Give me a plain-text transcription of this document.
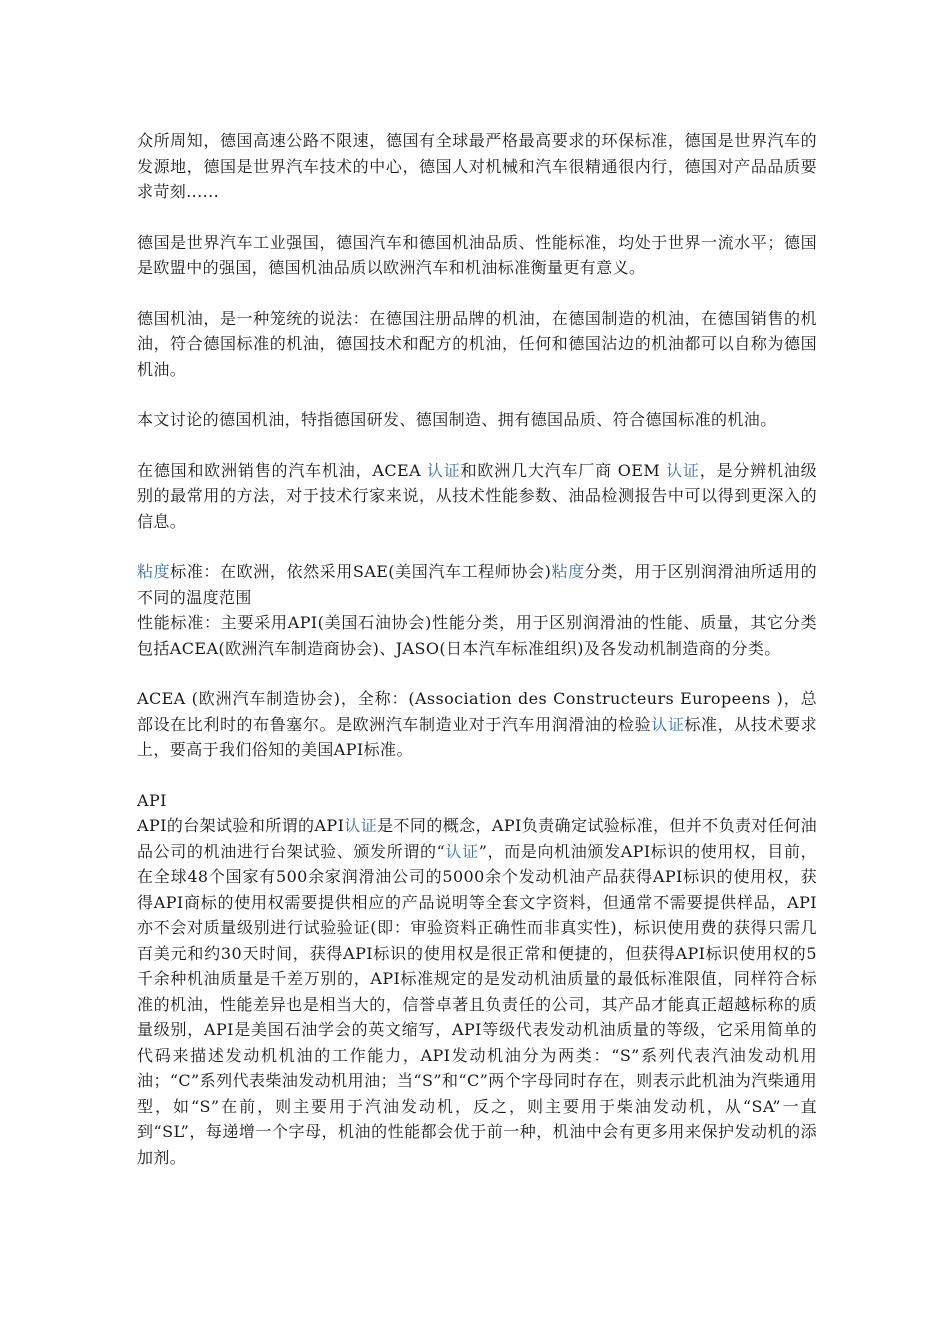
众所周知，德国高速公路不限速，德国有全球最严格最高要求的环保标准，德国是世界汽车的发源地，德国是世界汽车技术的中心，德国人对机械和汽车很精通很内行，德国对产品品质要求苛刻......

德国是世界汽车工业强国，德国汽车和德国机油品质、性能标准，均处于世界一流水平；德国是欧盟中的强国，德国机油品质以欧洲汽车和机油标准衡量更有意义。

德国机油，是一种笼统的说法：在德国注册品牌的机油，在德国制造的机油，在德国销售的机油，符合德国标准的机油，德国技术和配方的机油，任何和德国沾边的机油都可以自称为德国机油。

本文讨论的德国机油，特指德国研发、德国制造、拥有德国品质、符合德国标准的机油。

在德国和欧洲销售的汽车机油，ACEA 认证和欧洲几大汽车厂商 OEM 认证，是分辨机油级别的最常用的方法，对于技术行家来说，从技术性能参数、油品检测报告中可以得到更深入的信息。

粘度标准：在欧洲，依然采用SAE(美国汽车工程师协会)粘度分类，用于区别润滑油所适用的不同的温度范围

性能标准：主要采用API(美国石油协会)性能分类，用于区别润滑油的性能、质量，其它分类包括ACEA(欧洲汽车制造商协会)、JASO(日本汽车标准组织)及各发动机制造商的分类。

ACEA (欧洲汽车制造协会)，全称：(Association des Constructeurs Europeens )，总部设在比利时的布鲁塞尔。是欧洲汽车制造业对于汽车用润滑油的检验认证标准，从技术要求上，要高于我们俗知的美国API标准。

API

API的台架试验和所谓的API认证是不同的概念，API负责确定试验标准，但并不负责对任何油品公司的机油进行台架试验、颁发所谓的“认证”，而是向机油颁发API标识的使用权，目前，在全球48个国家有500余家润滑油公司的5000余个发动机油产品获得API标识的使用权，获得API商标的使用权需要提供相应的产品说明等全套文字资料，但通常不需要提供样品，API亦不会对质量级别进行试验验证(即：审验资料正确性而非真实性)，标识使用费的获得只需几百美元和约30天时间，获得API标识的使用权是很正常和便捷的，但获得API标识使用权的5千余种机油质量是千差万别的，API标准规定的是发动机油质量的最低标准限值，同样符合标准的机油，性能差异也是相当大的，信誉卓著且负责任的公司，其产品才能真正超越标称的质量级别，API是美国石油学会的英文缩写，API等级代表发动机油质量的等级，它采用简单的代码来描述发动机机油的工作能力，API发动机油分为两类：“S”系列代表汽油发动机用油；“C”系列代表柴油发动机用油；当“S”和“C”两个字母同时存在，则表示此机油为汽柴通用型，如“S”在前，则主要用于汽油发动机，反之，则主要用于柴油发动机，从“SA”一直到“SL”，每递增一个字母，机油的性能都会优于前一种，机油中会有更多用来保护发动机的添加剂。
